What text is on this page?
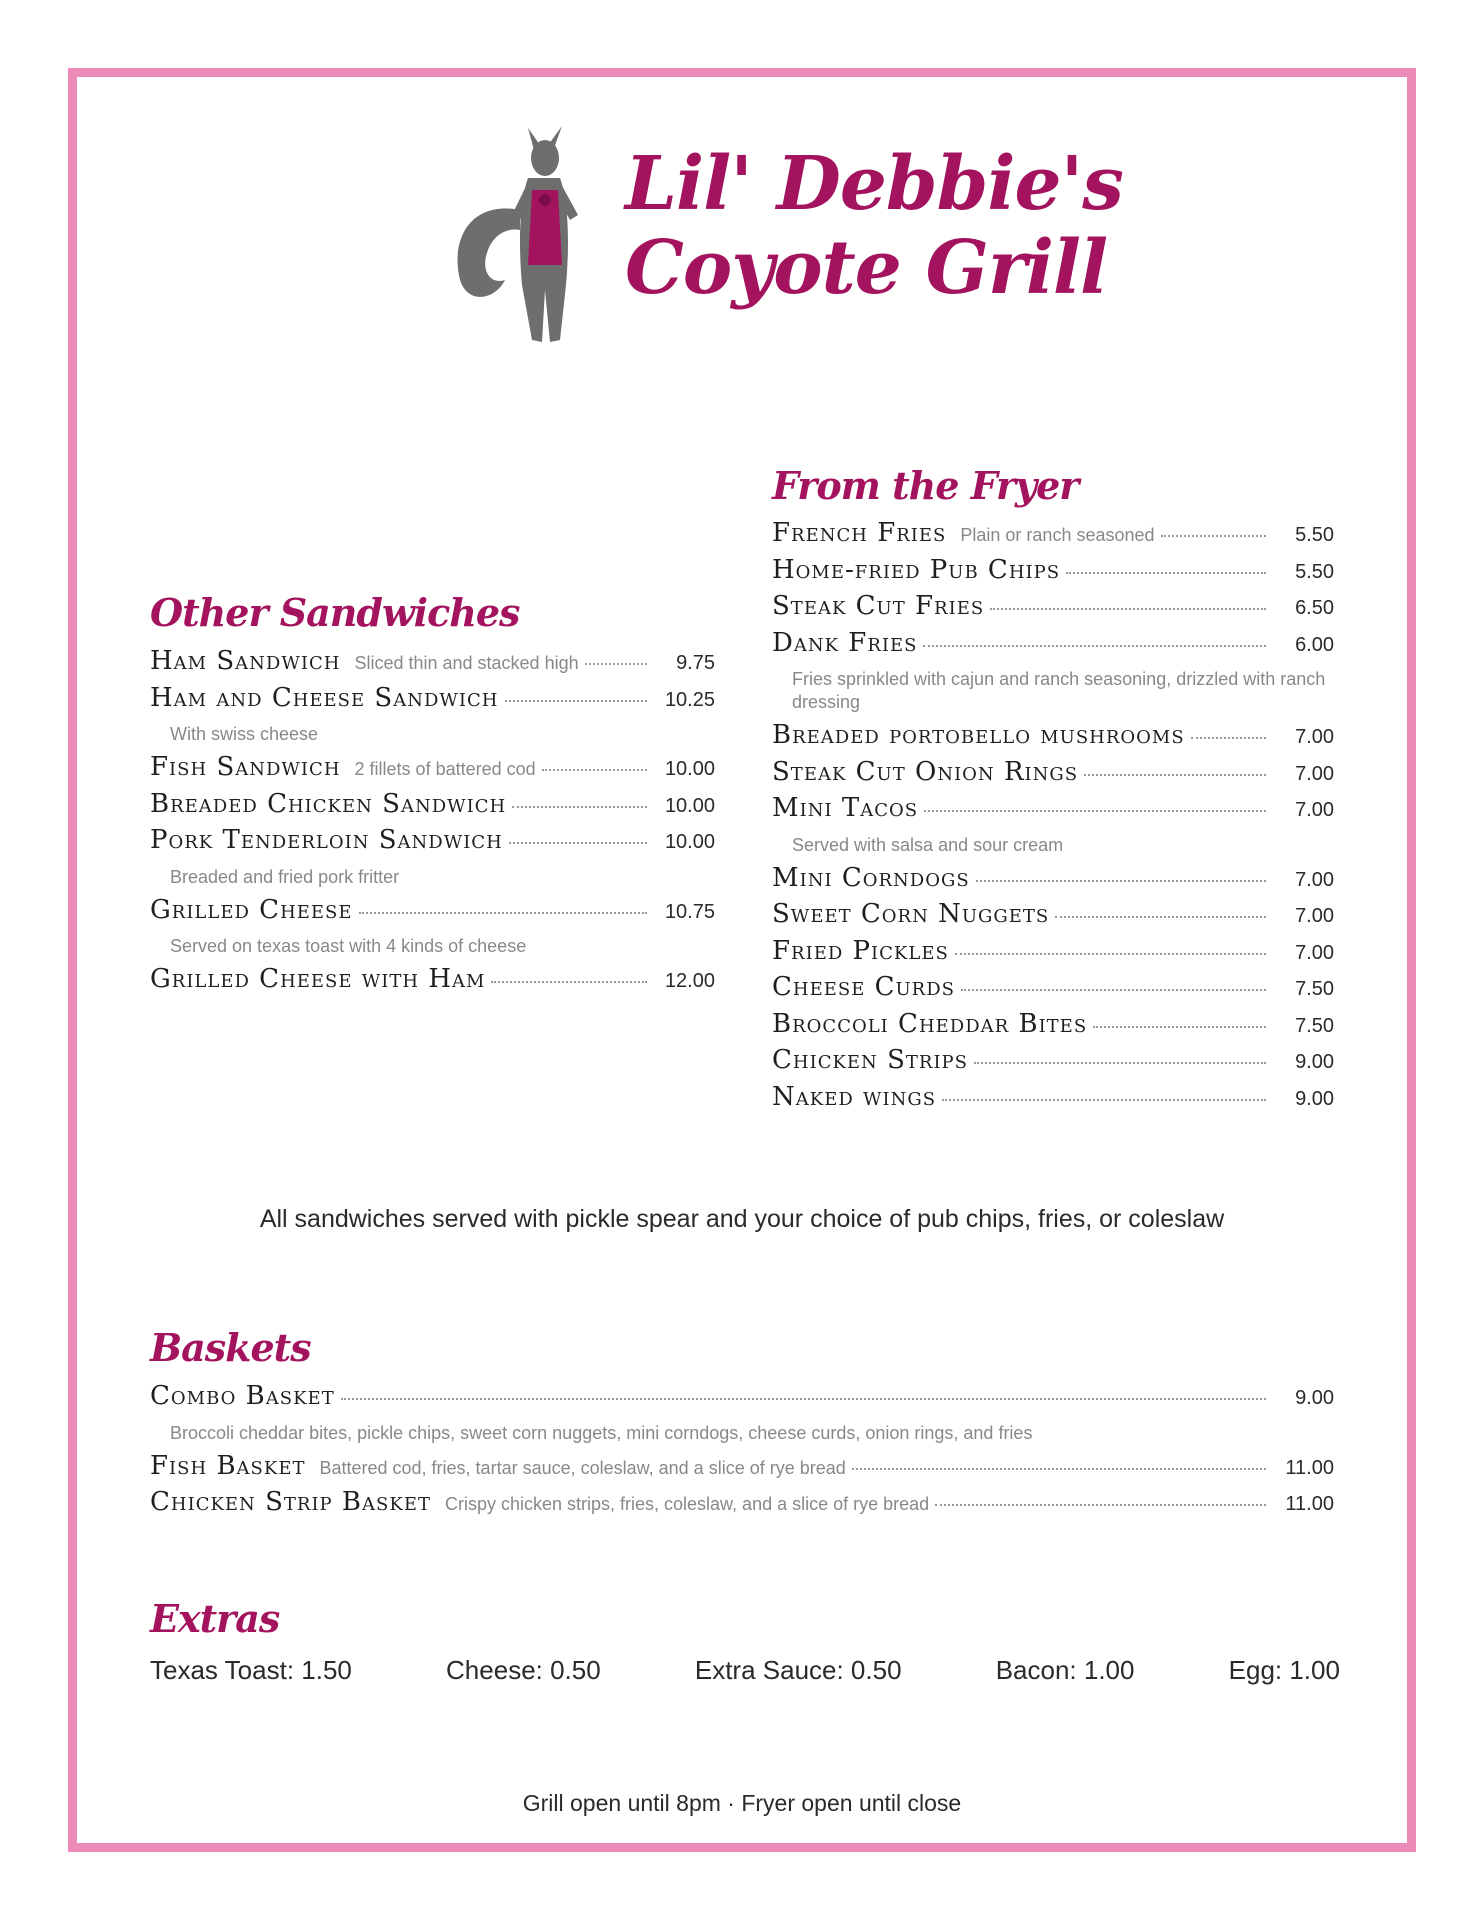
Lil' Debbie's
Coyote Grill
Other Sandwiches
Ham Sandwich Sliced thin and stacked high	9.75
Ham and Cheese Sandwich	10.25
With swiss cheese
Fish Sandwich 2 fillets of battered cod	10.00
Breaded Chicken Sandwich	10.00
Pork Tenderloin Sandwich	10.00
Breaded and fried pork fritter
Grilled Cheese	10.75
Served on texas toast with 4 kinds of cheese
Grilled Cheese with Ham	12.00
From the Fryer
French Fries Plain or ranch seasoned	5.50
Home-fried Pub Chips	5.50
Steak Cut Fries	6.50
Dank Fries	6.00
Fries sprinkled with cajun and ranch seasoning, drizzled with ranch dressing
Breaded portobello mushrooms	7.00
Steak Cut Onion Rings	7.00
Mini Tacos	7.00
Served with salsa and sour cream
Mini Corndogs	7.00
Sweet Corn Nuggets	7.00
Fried Pickles	7.00
Cheese Curds	7.50
Broccoli Cheddar Bites	7.50
Chicken Strips	9.00
Naked wings	9.00
All sandwiches served with pickle spear and your choice of pub chips, fries, or coleslaw
Baskets
Combo Basket	9.00
Broccoli cheddar bites, pickle chips, sweet corn nuggets, mini corndogs, cheese curds, onion rings, and fries
Fish Basket Battered cod, fries, tartar sauce, coleslaw, and a slice of rye bread	11.00
Chicken Strip Basket Crispy chicken strips, fries, coleslaw, and a slice of rye bread	11.00
Extras
Texas Toast: 1.50	Cheese: 0.50	Extra Sauce: 0.50	Bacon: 1.00	Egg: 1.00
Grill open until 8pm · Fryer open until close
